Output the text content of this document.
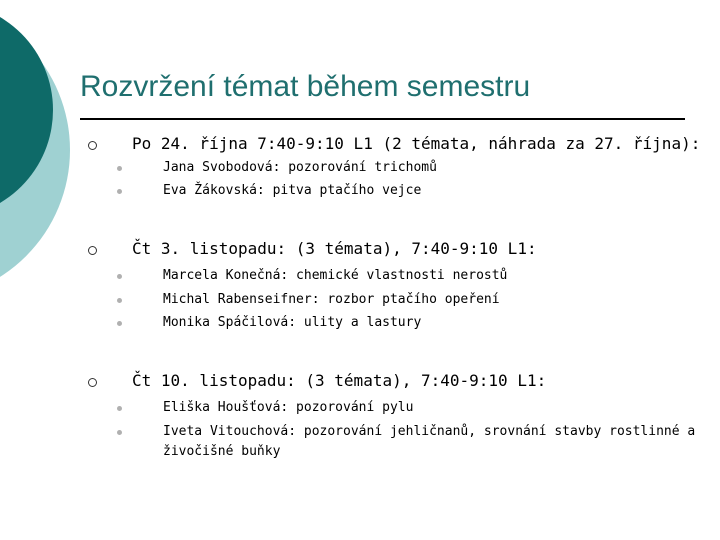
Rozvržení témat během semestru
Po 24. října 7:40-9:10 L1 (2 témata, náhrada za 27. října):
Jana Svobodová: pozorování trichomů
Eva Žákovská: pitva ptačího vejce
Čt 3. listopadu: (3 témata), 7:40-9:10 L1:
Marcela Konečná: chemické vlastnosti nerostů
Michal Rabenseifner: rozbor ptačího opeření
Monika Spáčilová: ulity a lastury
Čt 10. listopadu: (3 témata), 7:40-9:10 L1:
Eliška Houšťová: pozorování pylu
Iveta Vitouchová: pozorování jehličnanů, srovnání stavby rostlinné a
živočišné buňky
